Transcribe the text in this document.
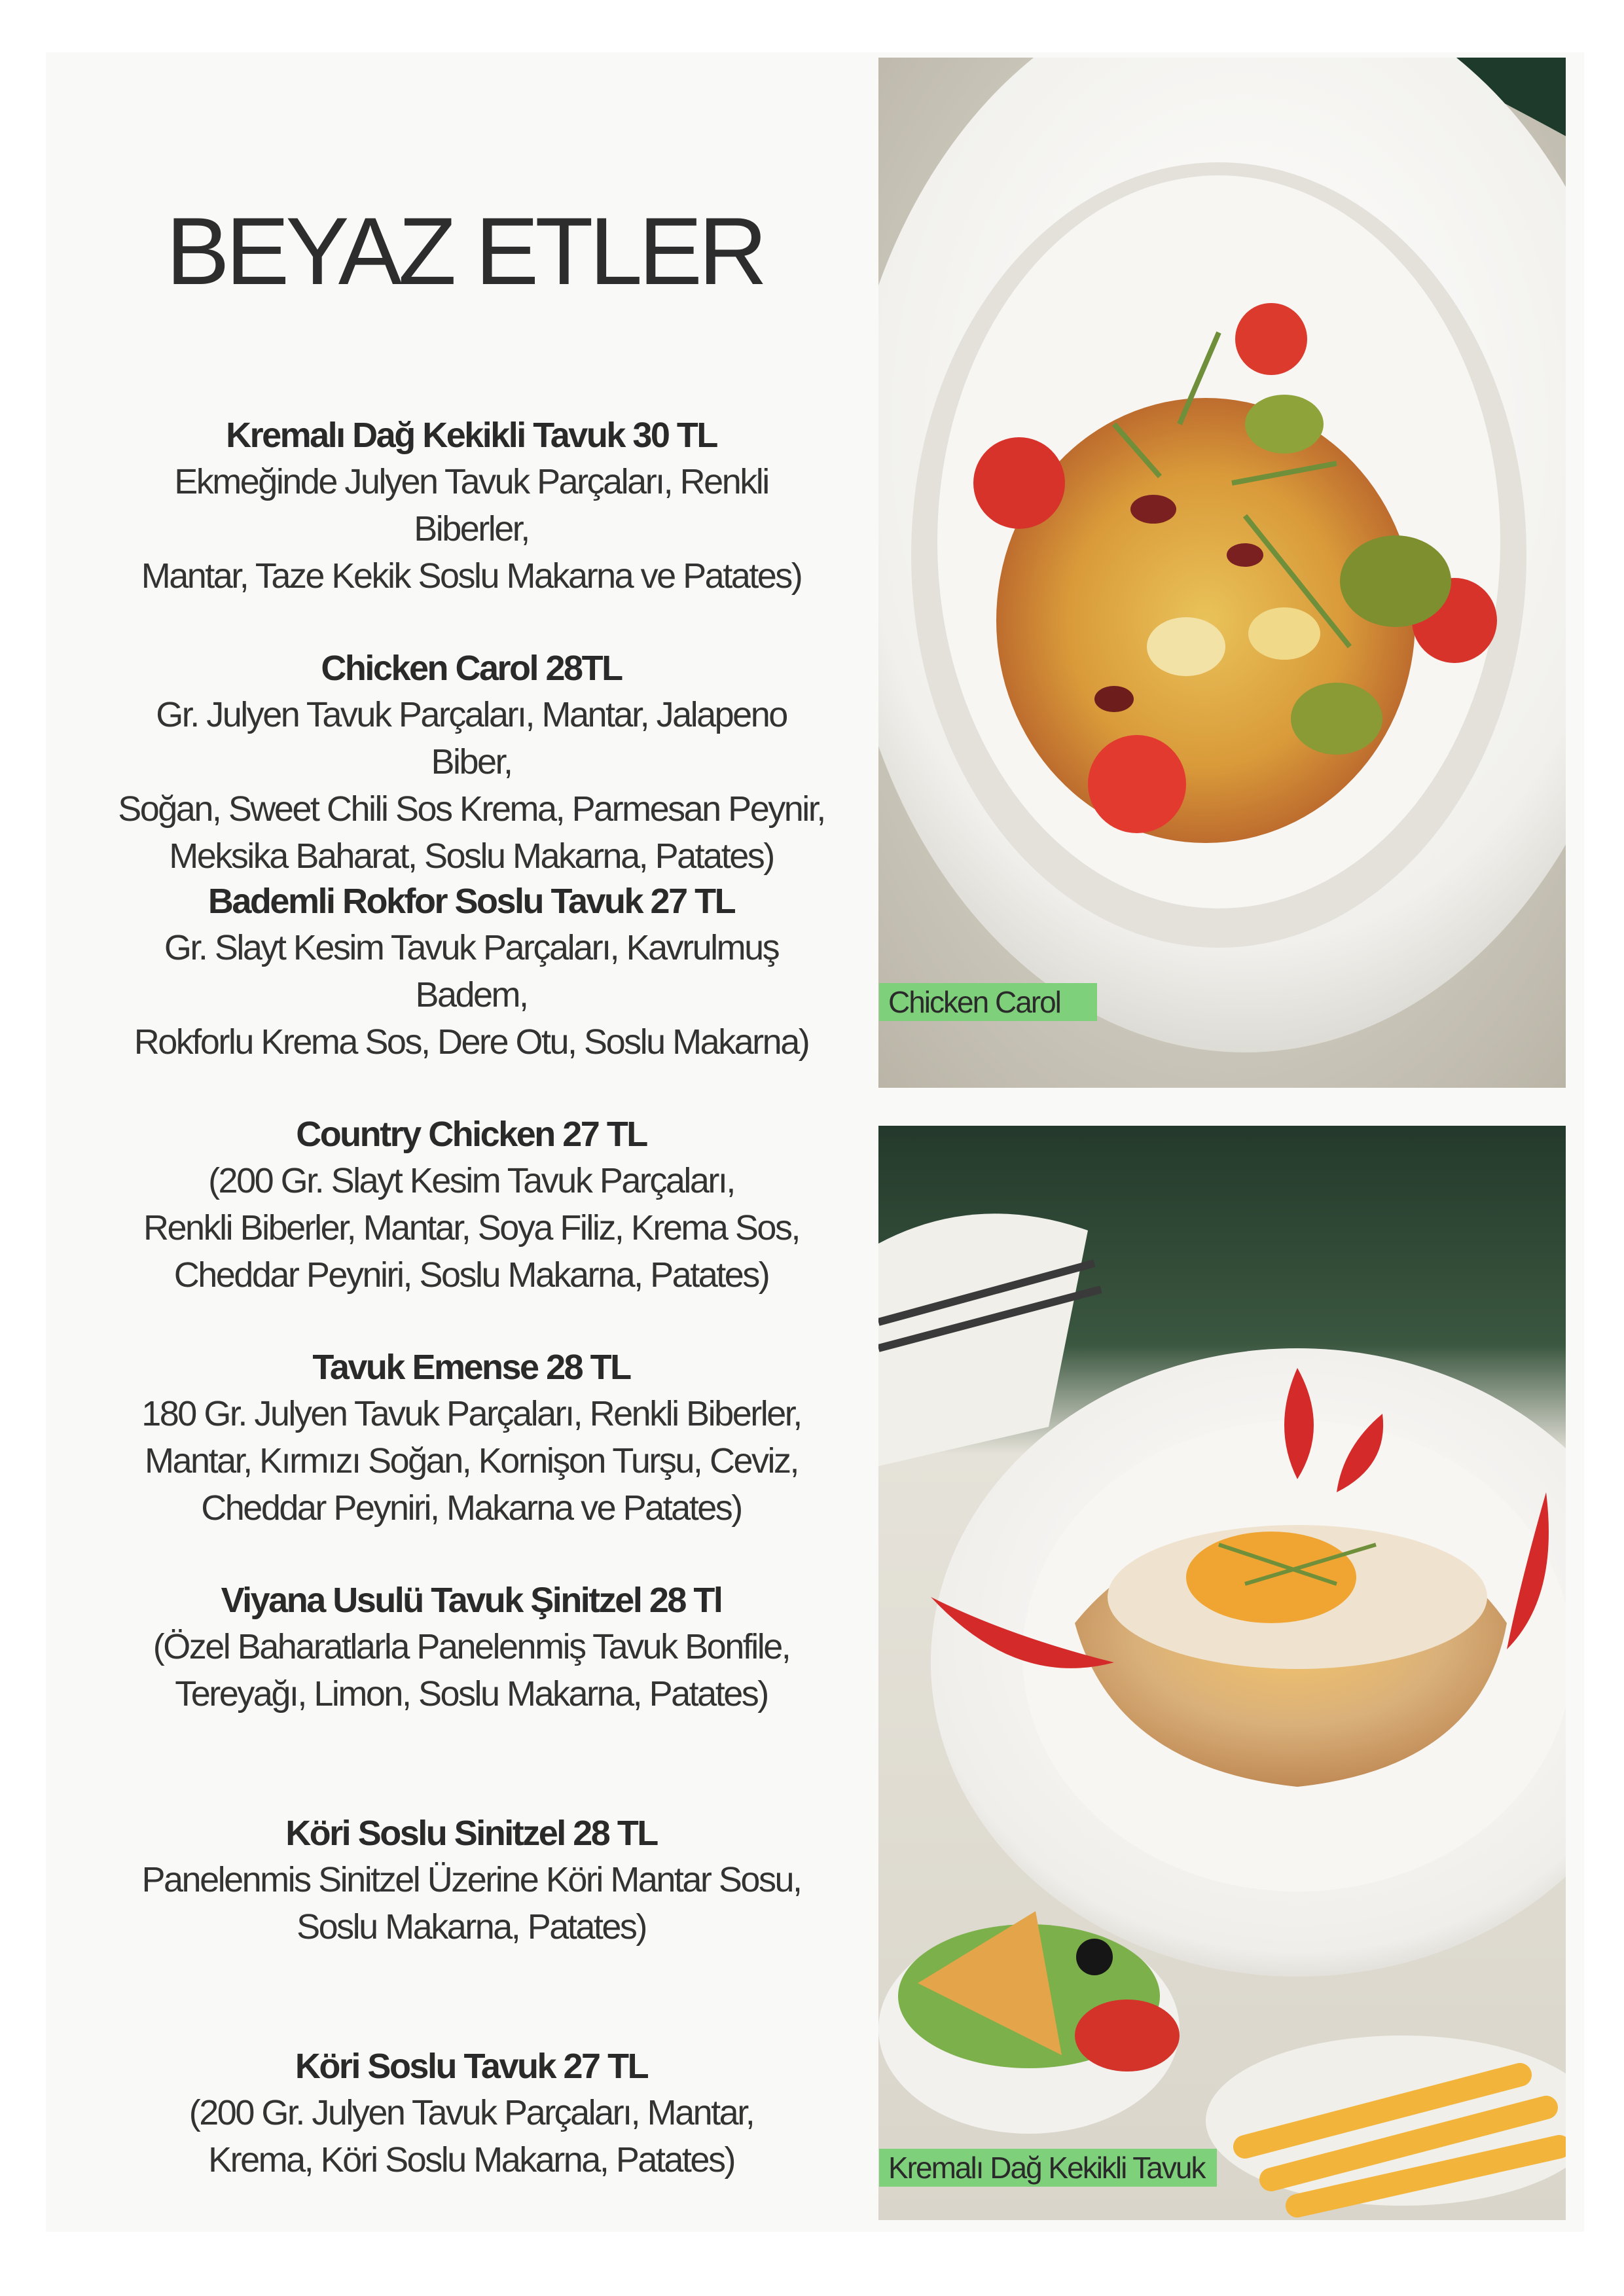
BEYAZ ETLER
Kremalı Dağ Kekikli Tavuk 30 TL
Ekmeğinde Julyen Tavuk Parçaları, Renkli Biberler,
Mantar, Taze Kekik Soslu Makarna ve Patates)
Chicken Carol 28TL
Gr. Julyen Tavuk Parçaları, Mantar, Jalapeno Biber,
Soğan, Sweet Chili Sos Krema, Parmesan Peynir,
Meksika Baharat, Soslu Makarna, Patates)
Bademli Rokfor Soslu Tavuk 27 TL
Gr. Slayt Kesim Tavuk Parçaları, Kavrulmuş Badem,
Rokforlu Krema Sos, Dere Otu, Soslu Makarna)
Country Chicken 27 TL
(200 Gr. Slayt Kesim Tavuk Parçaları,
Renkli Biberler, Mantar, Soya Filiz, Krema Sos,
Cheddar Peyniri, Soslu Makarna, Patates)
Tavuk Emense 28 TL
180 Gr. Julyen Tavuk Parçaları, Renkli Biberler,
Mantar, Kırmızı Soğan, Kornişon Turşu, Ceviz,
Cheddar Peyniri, Makarna ve Patates)
Viyana Usulü Tavuk Şinitzel 28 Tl
(Özel Baharatlarla Panelenmiş Tavuk Bonfile,
Tereyağı, Limon, Soslu Makarna, Patates)
Köri Soslu Sinitzel 28 TL
Panelenmis Sinitzel Üzerine Köri Mantar Sosu,
Soslu Makarna, Patates)
Köri Soslu Tavuk 27 TL
(200 Gr. Julyen Tavuk Parçaları, Mantar,
Krema, Köri Soslu Makarna, Patates)
Chicken Carol
Kremalı Dağ Kekikli Tavuk
